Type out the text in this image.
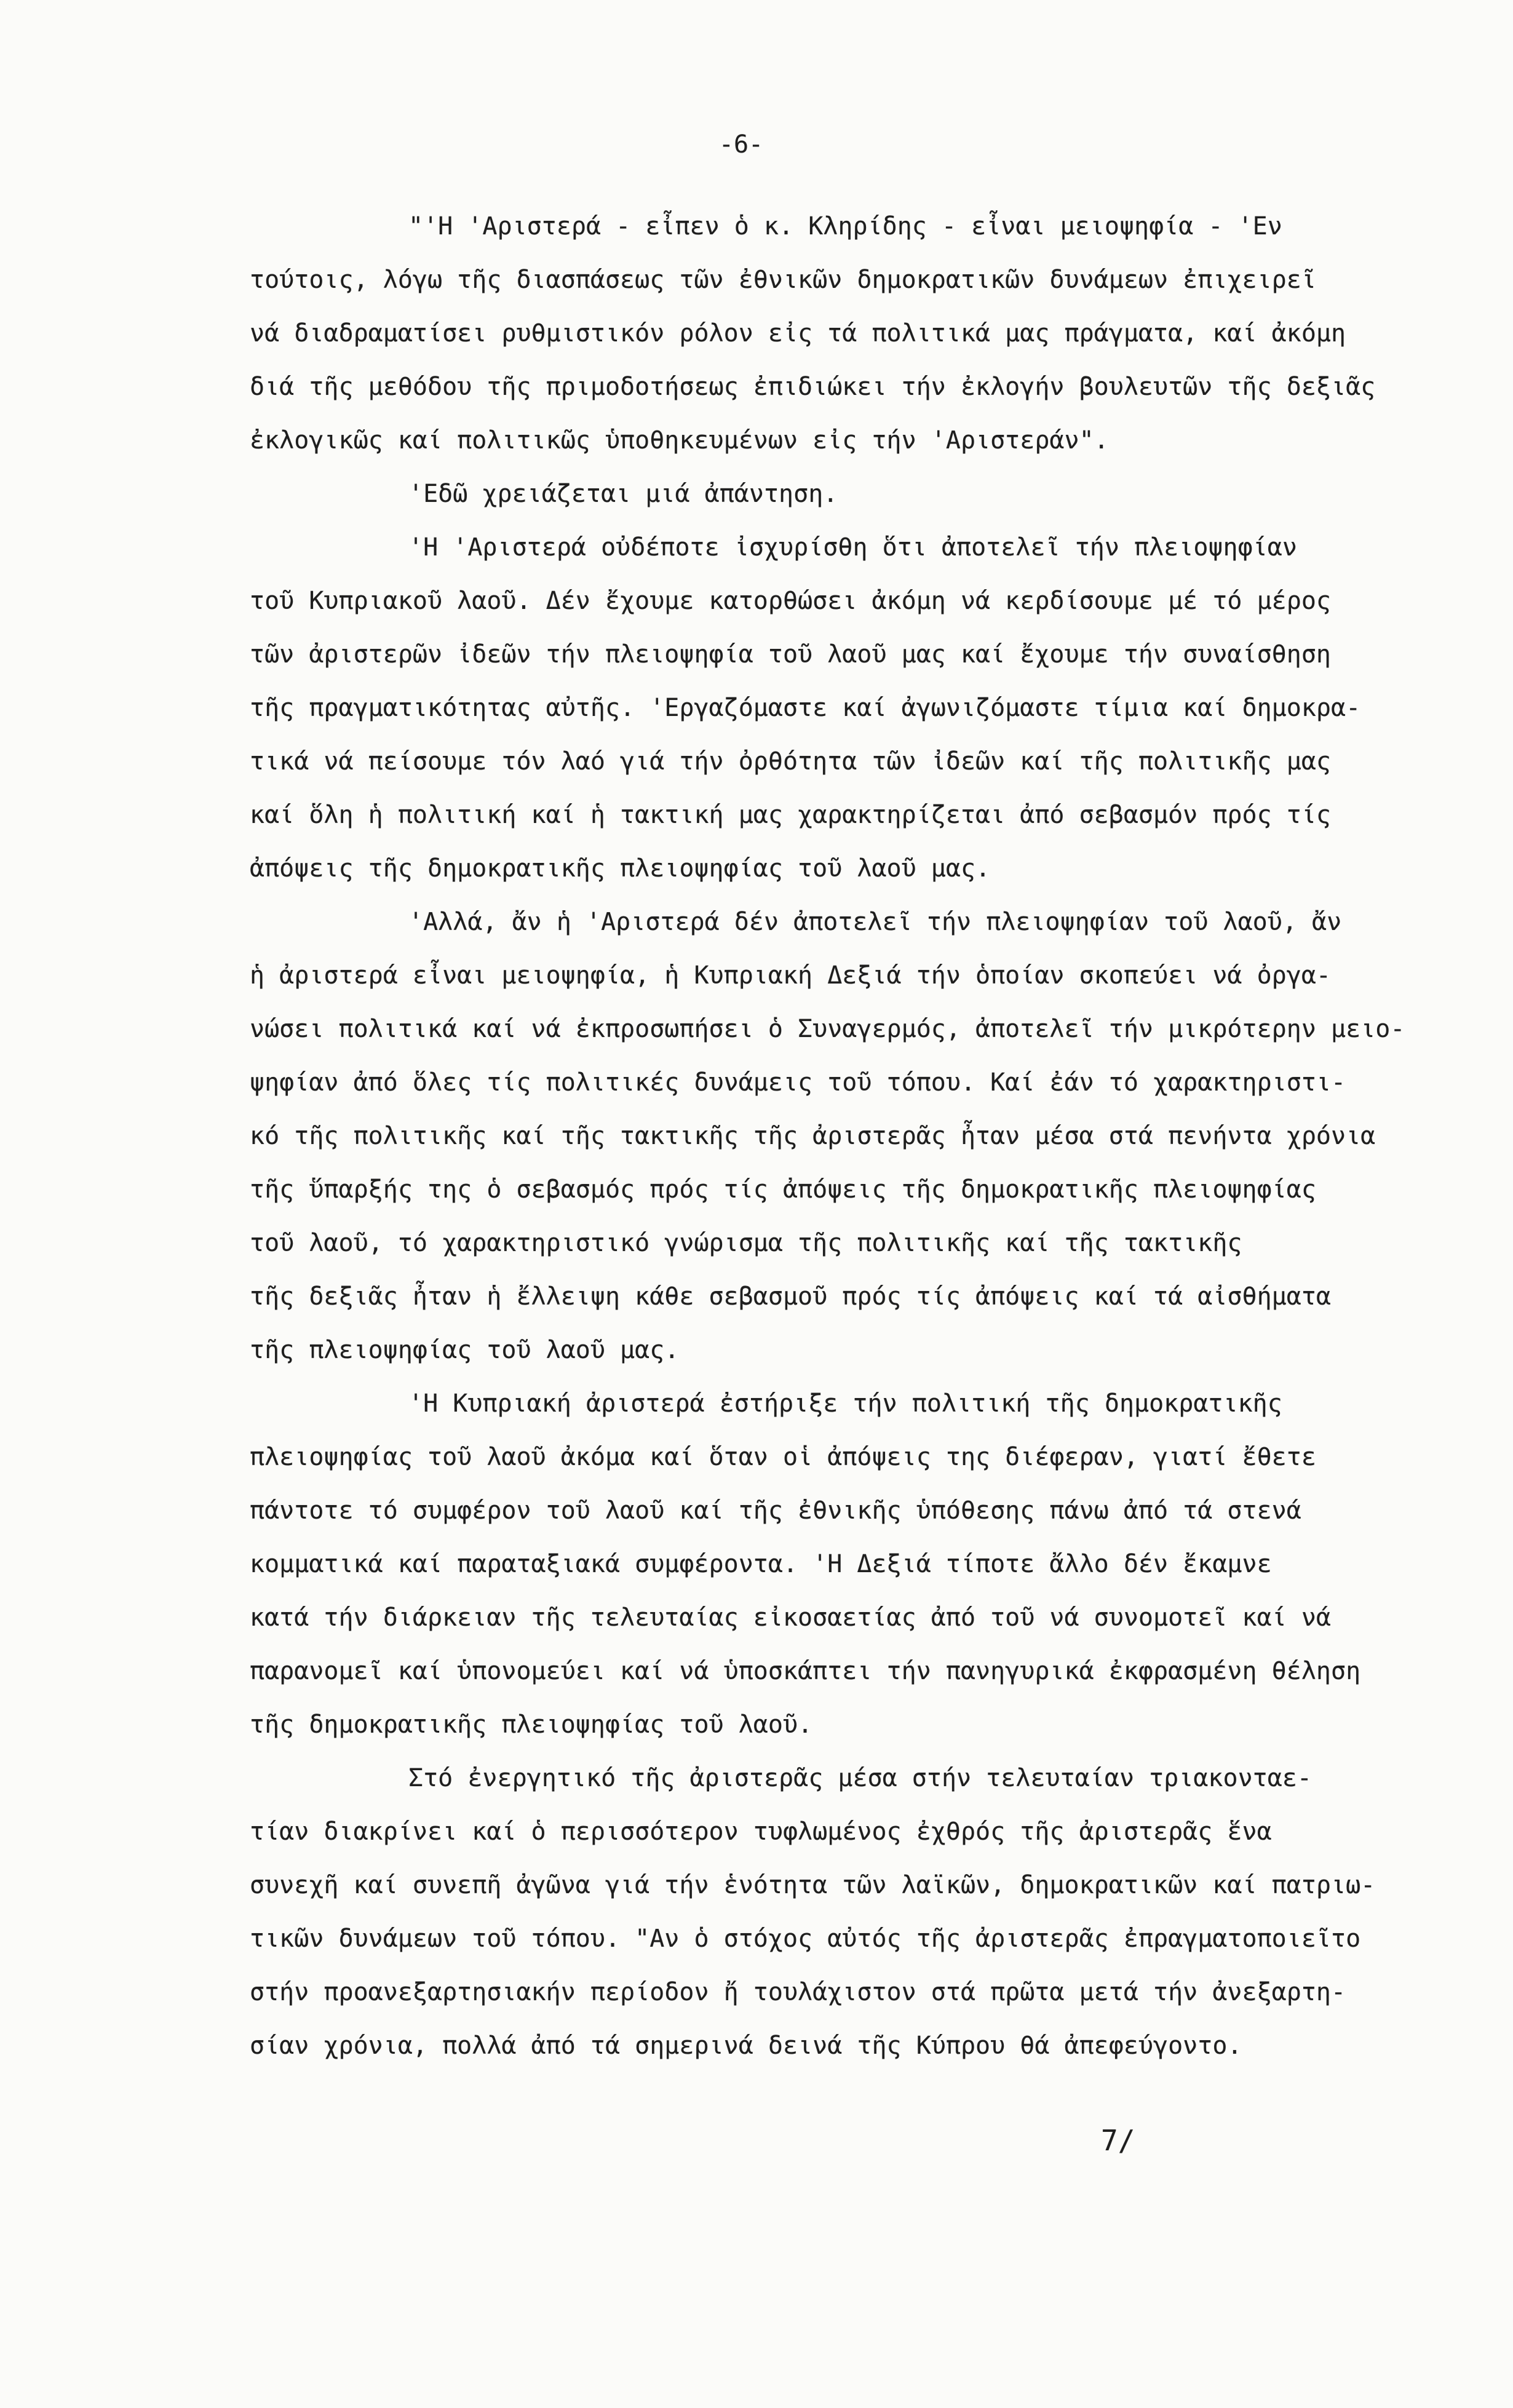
-6-
"'Η 'Αριστερά - εἶπεν ὁ κ. Κληρίδης - εἶναι μειοψηφία - 'Εν
τούτοις, λόγω τῆς διασπάσεως τῶν ἐθνικῶν δημοκρατικῶν δυνάμεων ἐπιχειρεῖ
νά διαδραματίσει ρυθμιστικόν ρόλον εἰς τά πολιτικά μας πράγματα, καί ἀκόμη
διά τῆς μεθόδου τῆς πριμοδοτήσεως ἐπιδιώκει τήν ἐκλογήν βουλευτῶν τῆς δεξιᾶς
ἐκλογικῶς καί πολιτικῶς ὑποθηκευμένων εἰς τήν 'Αριστεράν".
'Εδῶ χρειάζεται μιά ἀπάντηση.
'Η 'Αριστερά οὐδέποτε ἰσχυρίσθη ὅτι ἀποτελεῖ τήν πλειοψηφίαν
τοῦ Κυπριακοῦ λαοῦ. Δέν ἔχουμε κατορθώσει ἀκόμη νά κερδίσουμε μέ τό μέρος
τῶν ἀριστερῶν ἰδεῶν τήν πλειοψηφία τοῦ λαοῦ μας καί ἔχουμε τήν συναίσθηση
τῆς πραγματικότητας αὐτῆς. 'Εργαζόμαστε καί ἀγωνιζόμαστε τίμια καί δημοκρα-
τικά νά πείσουμε τόν λαό γιά τήν ὀρθότητα τῶν ἰδεῶν καί τῆς πολιτικῆς μας
καί ὅλη ἡ πολιτική καί ἡ τακτική μας χαρακτηρίζεται ἀπό σεβασμόν πρός τίς
ἀπόψεις τῆς δημοκρατικῆς πλειοψηφίας τοῦ λαοῦ μας.
'Αλλά, ἄν ἡ 'Αριστερά δέν ἀποτελεῖ τήν πλειοψηφίαν τοῦ λαοῦ, ἄν
ἡ ἀριστερά εἶναι μειοψηφία, ἡ Κυπριακή Δεξιά τήν ὁποίαν σκοπεύει νά ὀργα-
νώσει πολιτικά καί νά ἐκπροσωπήσει ὁ Συναγερμός, ἀποτελεῖ τήν μικρότερην μειο-
ψηφίαν ἀπό ὅλες τίς πολιτικές δυνάμεις τοῦ τόπου. Καί ἐάν τό χαρακτηριστι-
κό τῆς πολιτικῆς καί τῆς τακτικῆς τῆς ἀριστερᾶς ἦταν μέσα στά πενήντα χρόνια
τῆς ὕπαρξής της ὁ σεβασμός πρός τίς ἀπόψεις τῆς δημοκρατικῆς πλειοψηφίας
τοῦ λαοῦ, τό χαρακτηριστικό γνώρισμα τῆς πολιτικῆς καί τῆς τακτικῆς
τῆς δεξιᾶς ἦταν ἡ ἔλλειψη κάθε σεβασμοῦ πρός τίς ἀπόψεις καί τά αἰσθήματα
τῆς πλειοψηφίας τοῦ λαοῦ μας.
'Η Κυπριακή ἀριστερά ἐστήριξε τήν πολιτική τῆς δημοκρατικῆς
πλειοψηφίας τοῦ λαοῦ ἀκόμα καί ὅταν οἱ ἀπόψεις της διέφεραν, γιατί ἔθετε
πάντοτε τό συμφέρον τοῦ λαοῦ καί τῆς ἐθνικῆς ὑπόθεσης πάνω ἀπό τά στενά
κομματικά καί παραταξιακά συμφέροντα. 'Η Δεξιά τίποτε ἄλλο δέν ἔκαμνε
κατά τήν διάρκειαν τῆς τελευταίας εἰκοσαετίας ἀπό τοῦ νά συνομοτεῖ καί νά
παρανομεῖ καί ὑπονομεύει καί νά ὑποσκάπτει τήν πανηγυρικά ἐκφρασμένη θέληση
τῆς δημοκρατικῆς πλειοψηφίας τοῦ λαοῦ.
Στό ἐνεργητικό τῆς ἀριστερᾶς μέσα στήν τελευταίαν τριακονταε-
τίαν διακρίνει καί ὁ περισσότερον τυφλωμένος ἐχθρός τῆς ἀριστερᾶς ἕνα
συνεχῆ καί συνεπῆ ἀγῶνα γιά τήν ἑνότητα τῶν λαϊκῶν, δημοκρατικῶν καί πατριω-
τικῶν δυνάμεων τοῦ τόπου. "Αν ὁ στόχος αὐτός τῆς ἀριστερᾶς ἐπραγματοποιεῖτο
στήν προανεξαρτησιακήν περίοδον ἤ τουλάχιστον στά πρῶτα μετά τήν ἀνεξαρτη-
σίαν χρόνια, πολλά ἀπό τά σημερινά δεινά τῆς Κύπρου θά ἀπεφεύγοντο.
7/
